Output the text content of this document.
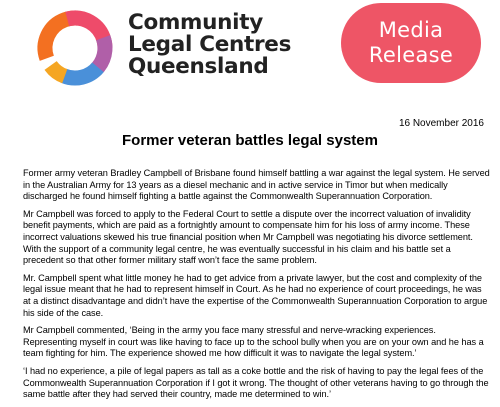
Community
Legal Centres
Queensland
Media
Release
16 November 2016
Former veteran battles legal system

Former army veteran Bradley Campbell of Brisbane found himself battling a war against the legal system. He served in the Australian Army for 13 years as a diesel mechanic and in active service in Timor but when medically discharged he found himself fighting a battle against the Commonwealth Superannuation Corporation.

Mr Campbell was forced to apply to the Federal Court to settle a dispute over the incorrect valuation of invalidity benefit payments, which are paid as a fortnightly amount to compensate him for his loss of army income. These incorrect valuations skewed his true financial position when Mr Campbell was negotiating his divorce settlement. With the support of a community legal centre, he was eventually successful in his claim and his battle set a precedent so that other former military staff won’t face the same problem.

Mr. Campbell spent what little money he had to get advice from a private lawyer, but the cost and complexity of the legal issue meant that he had to represent himself in Court. As he had no experience of court proceedings, he was at a distinct disadvantage and didn’t have the expertise of the Commonwealth Superannuation Corporation to argue his side of the case.

Mr Campbell commented, ‘Being in the army you face many stressful and nerve-wracking experiences. Representing myself in court was like having to face up to the school bully when you are on your own and he has a team fighting for him. The experience showed me how difficult it was to navigate the legal system.’

‘I had no experience, a pile of legal papers as tall as a coke bottle and the risk of having to pay the legal fees of the Commonwealth Superannuation Corporation if I got it wrong. The thought of other veterans having to go through the same battle after they had served their country, made me determined to win.’
